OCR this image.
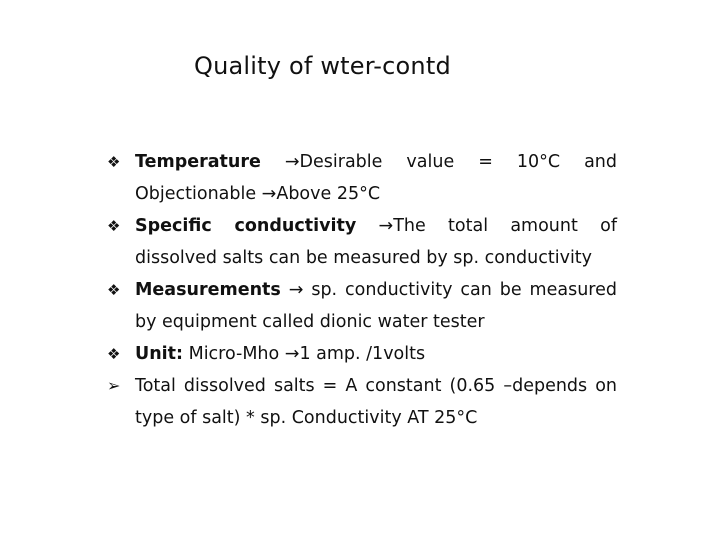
Quality of wter-contd
❖ Temperature →Desirable value = 10°C and Objectionable →Above 25°C
❖ Specific conductivity →The total amount of dissolved salts can be measured by sp. conductivity
❖ Measurements → sp. conductivity can be measured by equipment called dionic water tester
❖ Unit: Micro-Mho →1 amp. /1volts
➢ Total dissolved salts = A constant (0.65 –depends on type of salt) * sp. Conductivity AT 25°C
